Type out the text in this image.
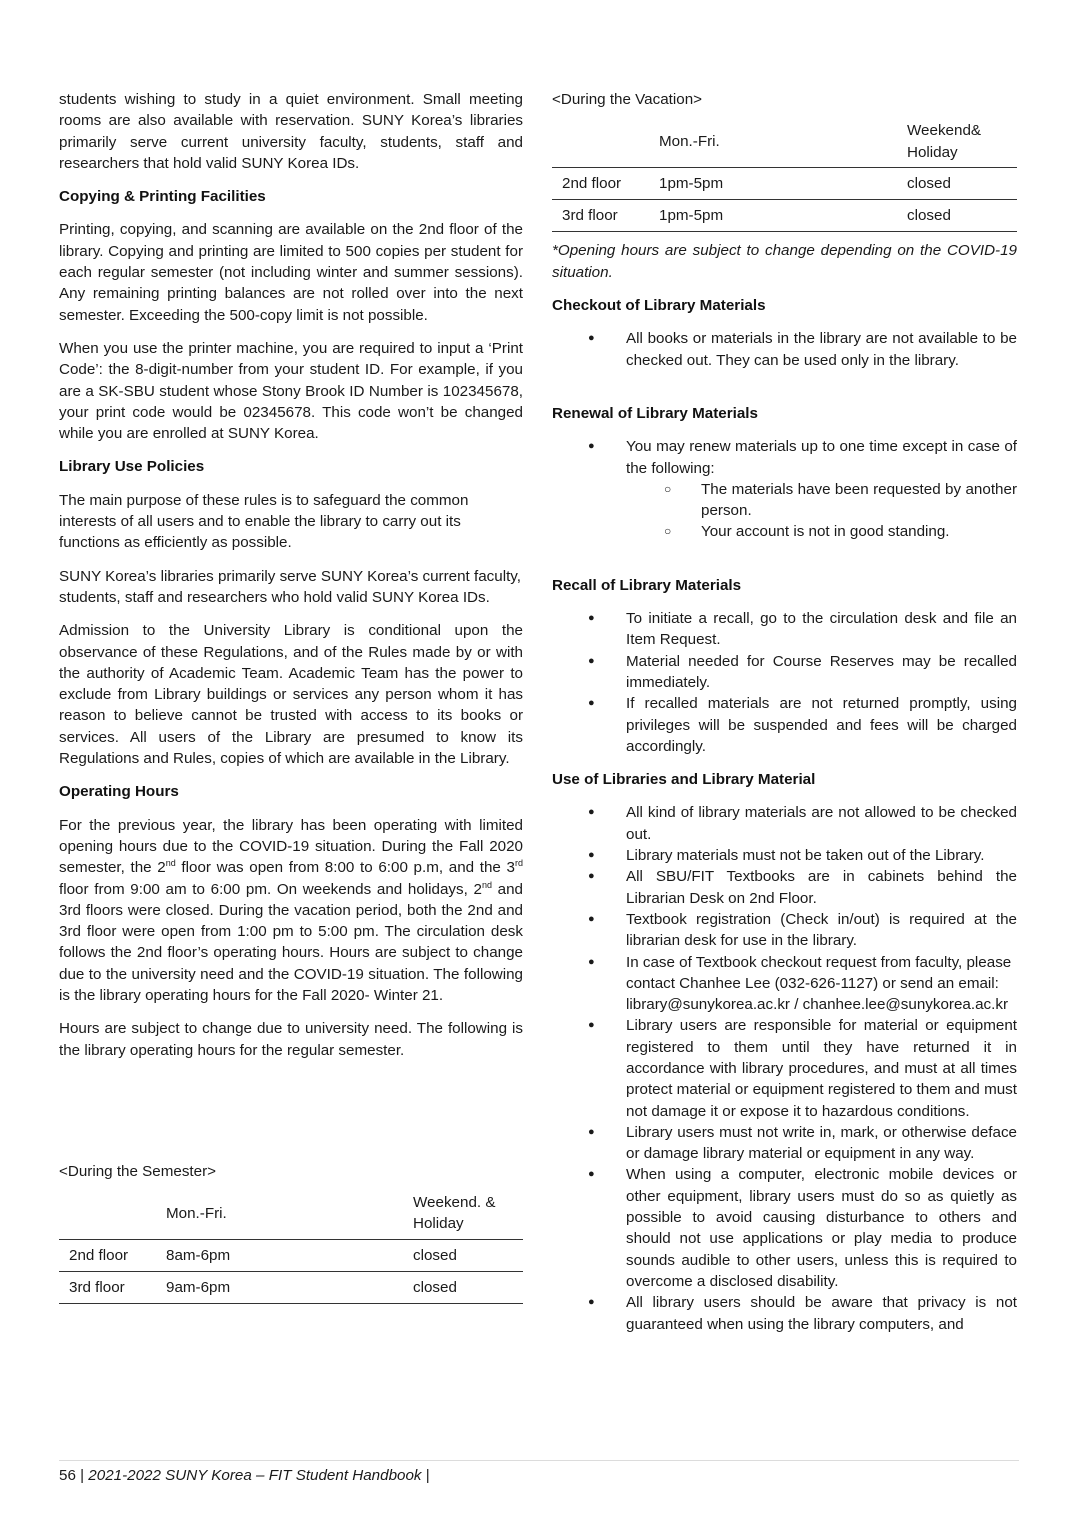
students wishing to study in a quiet environment. Small meeting rooms are also available with reservation. SUNY Korea’s libraries primarily serve current university faculty, students, staff and researchers that hold valid SUNY Korea IDs.

Copying & Printing Facilities

Printing, copying, and scanning are available on the 2nd floor of the library. Copying and printing are limited to 500 copies per student for each regular semester (not including winter and summer sessions). Any remaining printing balances are not rolled over into the next semester. Exceeding the 500-copy limit is not possible.

When you use the printer machine, you are required to input a ‘Print Code’: the 8-digit-number from your student ID. For example, if you are a SK-SBU student whose Stony Brook ID Number is 102345678, your print code would be 02345678. This code won’t be changed while you are enrolled at SUNY Korea.

Library Use Policies

The main purpose of these rules is to safeguard the common interests of all users and to enable the library to carry out its functions as efficiently as possible.

SUNY Korea’s libraries primarily serve SUNY Korea’s current faculty, students, staff and researchers who hold valid SUNY Korea IDs.

Admission to the University Library is conditional upon the observance of these Regulations, and of the Rules made by or with the authority of Academic Team. Academic Team has the power to exclude from Library buildings or services any person whom it has reason to believe cannot be trusted with access to its books or services. All users of the Library are presumed to know its Regulations and Rules, copies of which are available in the Library.

Operating Hours

For the previous year, the library has been operating with limited opening hours due to the COVID-19 situation. During the Fall 2020 semester, the 2nd floor was open from 8:00 to 6:00 p.m, and the 3rd floor from 9:00 am to 6:00 pm. On weekends and holidays, 2nd and 3rd floors were closed. During the vacation period, both the 2nd and 3rd floor were open from 1:00 pm to 5:00 pm. The circulation desk follows the 2nd floor’s operating hours. Hours are subject to change due to the university need and the COVID-19 situation. The following is the library operating hours for the Fall 2020- Winter 21.

Hours are subject to change due to university need. The following is the library operating hours for the regular semester.

<During the Semester>
	Mon.-Fri.	Weekend. & Holiday
2nd floor	8am-6pm	closed
3rd floor	9am-6pm	closed
<During the Vacation>
	Mon.-Fri.	Weekend& Holiday
2nd floor	1pm-5pm	closed
3rd floor	1pm-5pm	closed
*Opening hours are subject to change depending on the COVID-19 situation.
Checkout of Library Materials
● All books or materials in the library are not available to be checked out. They can be used only in the library.
Renewal of Library Materials
● You may renew materials up to one time except in case of the following:
○ The materials have been requested by another person.
○ Your account is not in good standing.
Recall of Library Materials
● To initiate a recall, go to the circulation desk and file an Item Request.
● Material needed for Course Reserves may be recalled immediately.
● If recalled materials are not returned promptly, using privileges will be suspended and fees will be charged accordingly.
Use of Libraries and Library Material
● All kind of library materials are not allowed to be checked out.
● Library materials must not be taken out of the Library.
● All SBU/FIT Textbooks are in cabinets behind the Librarian Desk on 2nd Floor.
● Textbook registration (Check in/out) is required at the librarian desk for use in the library.
● In case of Textbook checkout request from faculty, please contact Chanhee Lee (032-626-1127) or send an email: library@sunykorea.ac.kr / chanhee.lee@sunykorea.ac.kr
● Library users are responsible for material or equipment registered to them until they have returned it in accordance with library procedures, and must at all times protect material or equipment registered to them and must not damage it or expose it to hazardous conditions.
● Library users must not write in, mark, or otherwise deface or damage library material or equipment in any way.
● When using a computer, electronic mobile devices or other equipment, library users must do so as quietly as possible to avoid causing disturbance to others and should not use applications or play media to produce sounds audible to other users, unless this is required to overcome a disclosed disability.
● All library users should be aware that privacy is not guaranteed when using the library computers, and
56 | 2021-2022 SUNY Korea – FIT Student Handbook |
